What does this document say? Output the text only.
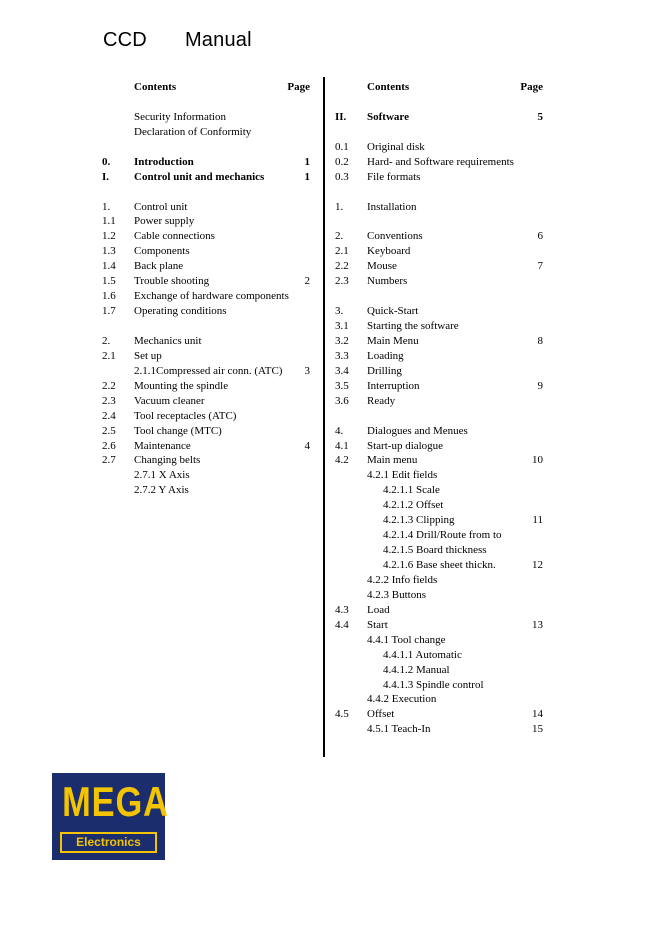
CCD Manual
Contents	Page
Security Information
Declaration of Conformity
0. Introduction	1
I. Control unit and mechanics	1
1. Control unit
1.1 Power supply
1.2 Cable connections
1.3 Components
1.4 Back plane
1.5 Trouble shooting	2
1.6 Exchange of hardware components
1.7 Operating conditions
2. Mechanics unit
2.1 Set up
2.1.1Compressed air conn. (ATC) 3
2.2 Mounting the spindle
2.3 Vacuum cleaner
2.4 Tool receptacles (ATC)
2.5 Tool change (MTC)
2.6 Maintenance	4
2.7 Changing belts
2.7.1 X Axis
2.7.2 Y Axis
Contents	Page
II. Software	5
0.1 Original disk
0.2 Hard- and Software requirements
0.3 File formats
1. Installation
2. Conventions	6
2.1 Keyboard
2.2 Mouse	7
2.3 Numbers
3. Quick-Start
3.1 Starting the software
3.2 Main Menu	8
3.3 Loading
3.4 Drilling
3.5 Interruption	9
3.6 Ready
4. Dialogues and Menues
4.1 Start-up dialogue
4.2 Main menu	10
4.2.1 Edit fields
4.2.1.1 Scale
4.2.1.2 Offset
4.2.1.3 Clipping	11
4.2.1.4 Drill/Route from to
4.2.1.5 Board thickness
4.2.1.6 Base sheet thickn.	12
4.2.2 Info fields
4.2.3 Buttons
4.3 Load
4.4 Start	13
4.4.1 Tool change
4.4.1.1 Automatic
4.4.1.2 Manual
4.4.1.3 Spindle control
4.4.2 Execution
4.5 Offset	14
4.5.1 Teach-In	15
MEGA
Electronics
